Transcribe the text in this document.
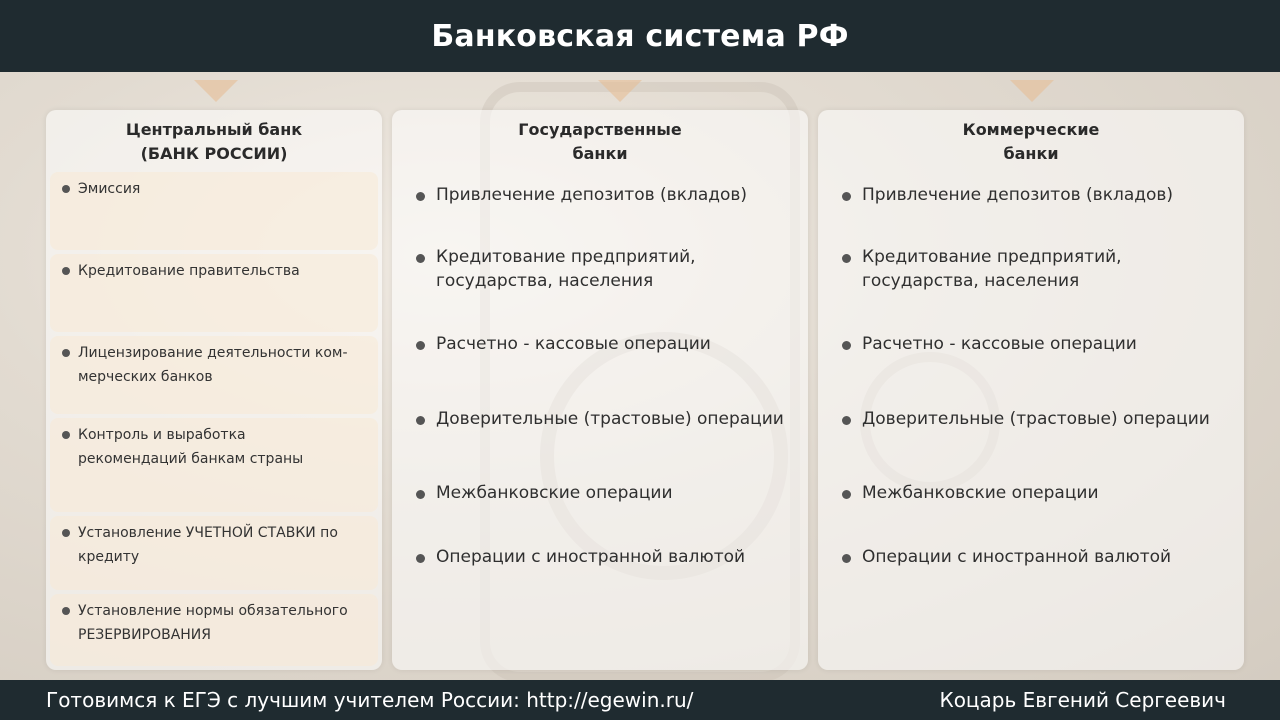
Банковская система РФ
Центральный банк
(БАНК РОССИИ)
Эмиссия
Кредитование правительства
Лицензирование деятельности ком-
мерческих банков
Контроль и выработка
рекомендаций банкам страны
Установление УЧЕТНОЙ СТАВКИ по
кредиту
Установление нормы обязательного
РЕЗЕРВИРОВАНИЯ
Государственные
банки
Привлечение депозитов (вкладов)
Кредитование предприятий,
государства, населения
Расчетно - кассовые операции
Доверительные (трастовые) операции
Межбанковские операции
Операции с иностранной валютой
Коммерческие
банки
Привлечение депозитов (вкладов)
Кредитование предприятий,
государства, населения
Расчетно - кассовые операции
Доверительные (трастовые) операции
Межбанковские операции
Операции с иностранной валютой
Готовимся к ЕГЭ с лучшим учителем России: http://egewin.ru/	Коцарь Евгений Сергеевич
